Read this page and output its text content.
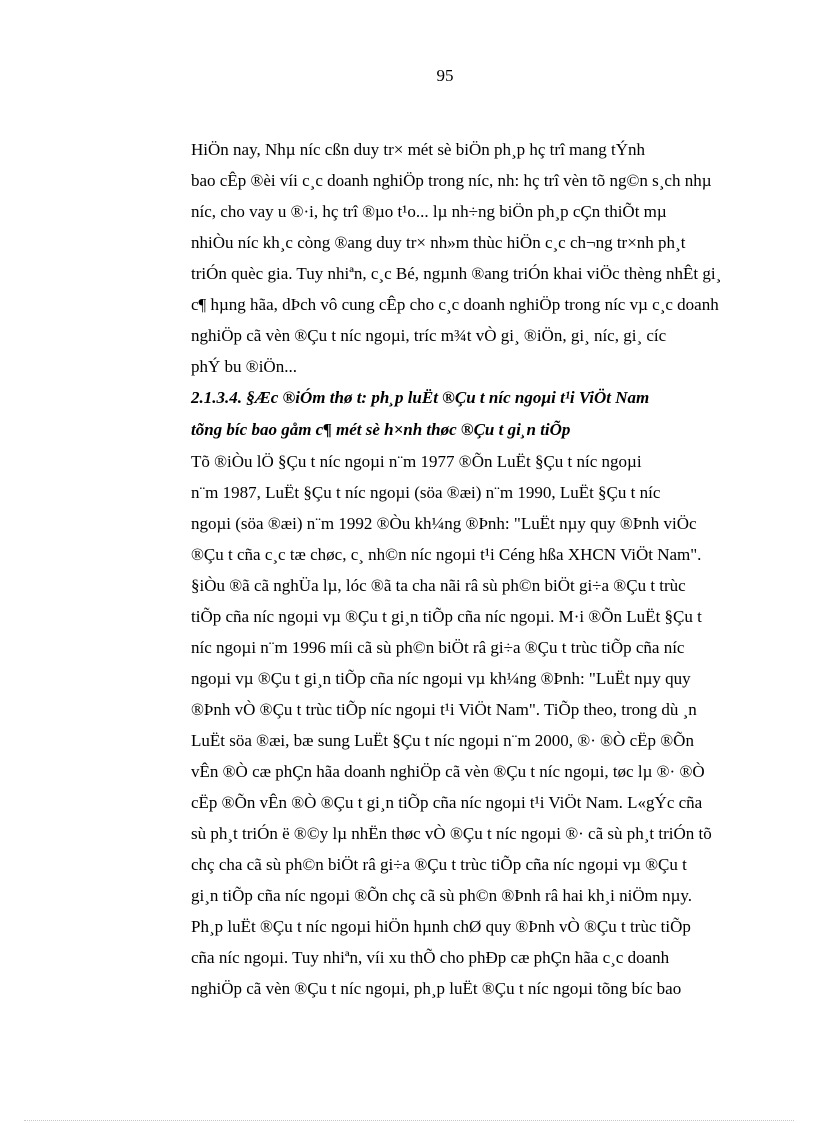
95

HiÖn nay, Nhµ níc cßn duy tr× mét sè biÖn ph¸p hç trî mang tÝnh
bao cÊp ®èi víi c¸c doanh nghiÖp trong níc, nh: hç trî vèn tõ ng©n s¸ch nhµ
níc, cho vay u ®·i, hç trî ®µo t¹o... lµ nh÷ng biÖn ph¸p cÇn thiÕt mµ
nhiÒu níc kh¸c còng ®ang duy tr× nh»m thùc hiÖn c¸c ch¬ng tr×nh ph¸t
triÓn quèc gia. Tuy nhiªn, c¸c Bé, ngµnh ®ang triÓn khai viÖc thèng nhÊt gi¸
c¶ hµng hãa, dÞch vô cung cÊp cho c¸c doanh nghiÖp trong níc vµ c¸c doanh
nghiÖp cã vèn ®Çu t níc ngoµi, tríc m¾t vÒ gi¸ ®iÖn, gi¸ níc, gi¸ cíc
phÝ bu ®iÖn...

2.1.3.4. §Æc ®iÓm thø t: ph¸p luËt ®Çu t níc ngoµi t¹i ViÖt Nam
tõng bíc bao gåm c¶ mét sè h×nh thøc ®Çu t gi¸n tiÕp

Tõ ®iÒu lÖ §Çu t níc ngoµi n¨m 1977 ®Õn LuËt §Çu t níc ngoµi
n¨m 1987, LuËt §Çu t níc ngoµi (söa ®æi) n¨m 1990, LuËt §Çu t níc
ngoµi (söa ®æi) n¨m 1992 ®Òu kh¼ng ®Þnh: "LuËt nµy quy ®Þnh viÖc
®Çu t cña c¸c tæ chøc, c¸ nh©n níc ngoµi t¹i Céng hßa XHCN ViÖt Nam".
§iÒu ®ã cã nghÜa lµ, lóc ®ã ta cha nãi râ sù ph©n biÖt gi÷a ®Çu t trùc
tiÕp cña níc ngoµi vµ ®Çu t gi¸n tiÕp cña níc ngoµi. M·i ®Õn LuËt §Çu t
níc ngoµi n¨m 1996 míi cã sù ph©n biÖt râ gi÷a ®Çu t trùc tiÕp cña níc
ngoµi vµ ®Çu t gi¸n tiÕp cña níc ngoµi vµ kh¼ng ®Þnh: "LuËt nµy quy
®Þnh vÒ ®Çu t trùc tiÕp níc ngoµi t¹i ViÖt Nam". TiÕp theo, trong dù ¸n
LuËt söa ®æi, bæ sung LuËt §Çu t níc ngoµi n¨m 2000, ®· ®Ò cËp ®Õn
vÊn ®Ò cæ phÇn hãa doanh nghiÖp cã vèn ®Çu t níc ngoµi, tøc lµ ®· ®Ò
cËp ®Õn vÊn ®Ò ®Çu t gi¸n tiÕp cña níc ngoµi t¹i ViÖt Nam. L«gÝc cña
sù ph¸t triÓn ë ®©y lµ nhËn thøc vÒ ®Çu t níc ngoµi ®· cã sù ph¸t triÓn tõ
chç cha cã sù ph©n biÖt râ gi÷a ®Çu t trùc tiÕp cña níc ngoµi vµ ®Çu t
gi¸n tiÕp cña níc ngoµi ®Õn chç cã sù ph©n ®Þnh râ hai kh¸i niÖm nµy.
Ph¸p luËt ®Çu t níc ngoµi hiÖn hµnh chØ quy ®Þnh vÒ ®Çu t trùc tiÕp
cña níc ngoµi. Tuy nhiªn, víi xu thÕ cho phÐp cæ phÇn hãa c¸c doanh
nghiÖp cã vèn ®Çu t níc ngoµi, ph¸p luËt ®Çu t níc ngoµi tõng bíc bao
